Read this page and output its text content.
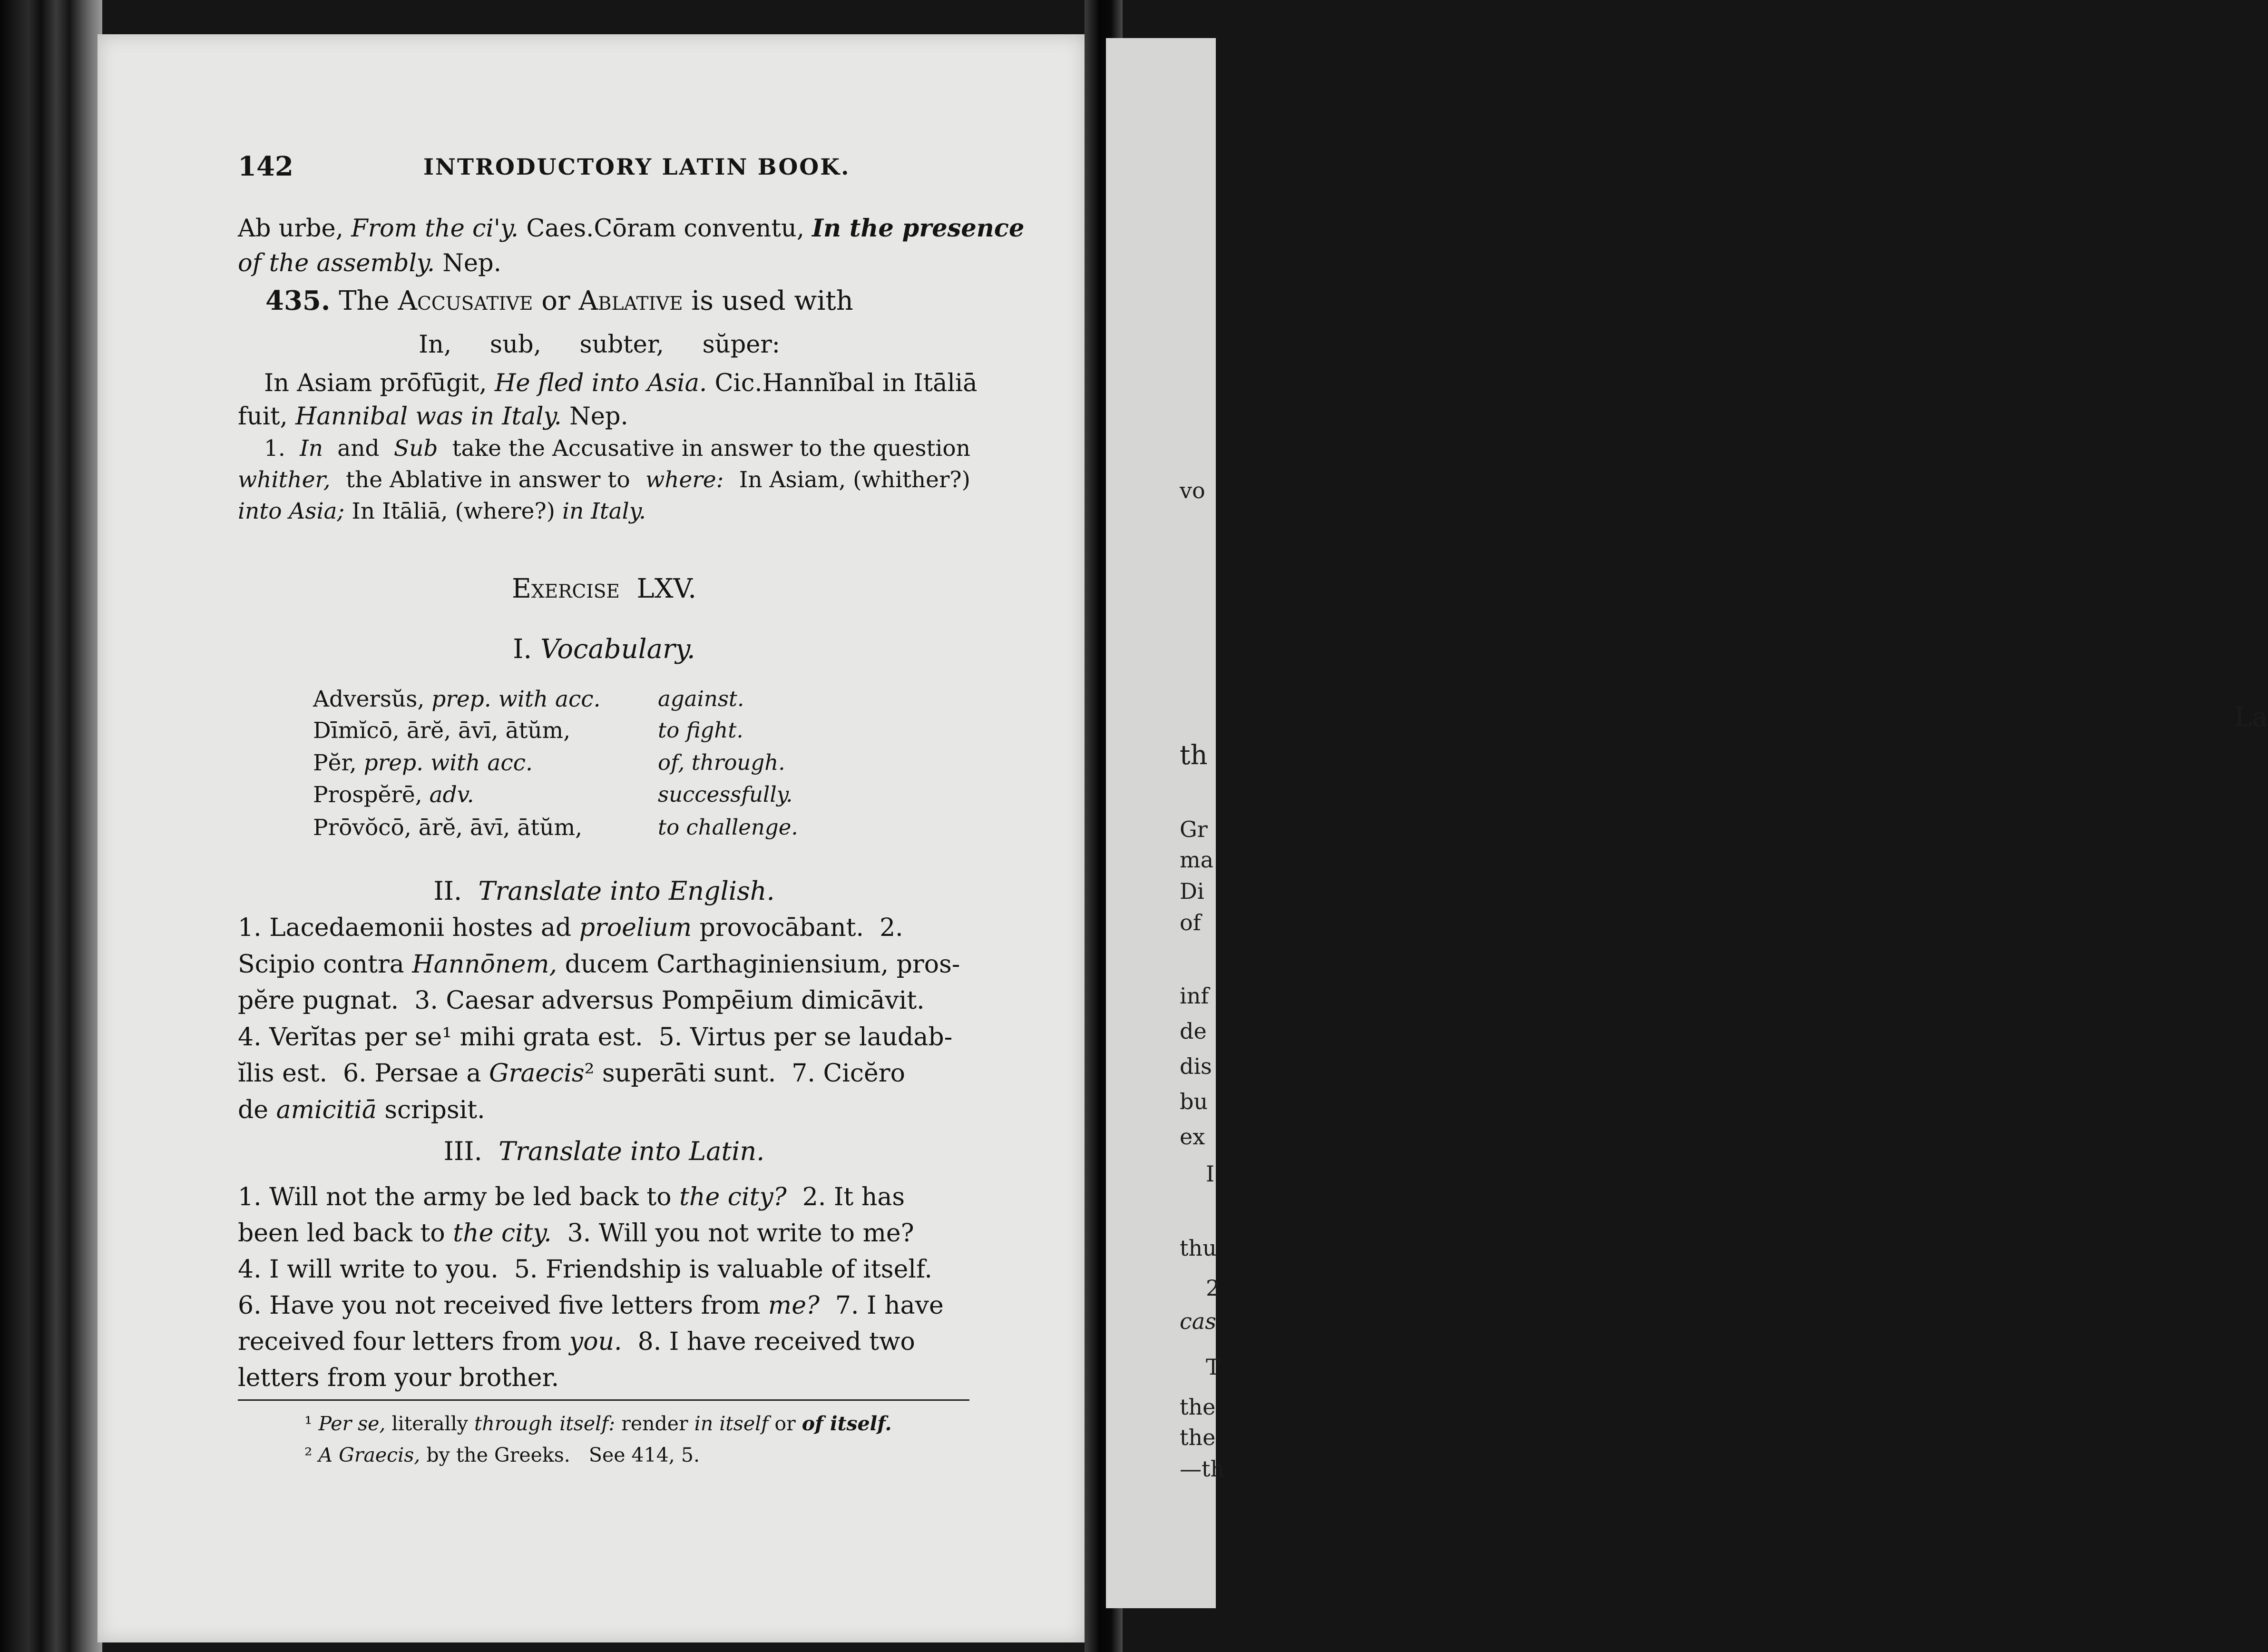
vo
La
th
Gr
ma
Di
of
inf
de
dis
bu
ex
I
thu
2
cas
T
the
the
—th
142	INTRODUCTORY LATIN BOOK.
Ab urbe, From the ci'y. Caes. Cōram conventu, In the presence
of the assembly. Nep.
435. The Accusative or Ablative is used with
In, sub, subter, sŭper:
In Asiam prōfūgit, He fled into Asia. Cic. Hannĭbal in Itāliā
fuit, Hannibal was in Italy. Nep.
1. In and Sub take the Accusative in answer to the question
whither, the Ablative in answer to where: In Asiam, (whither?)
into Asia; In Itāliā, (where?) in Italy.
Exercise LXV.
I. Vocabulary.
Adversŭs, prep. with acc.	against.
Dīmĭcō, ārĕ, āvī, ātŭm,	to fight.
Pĕr, prep. with acc.	of, through.
Prospĕrē, adv.	successfully.
Prōvŏcō, ārĕ, āvī, ātŭm,	to challenge.
II. Translate into English.
1. Lacedaemonii hostes ad proelium provocābant.  2.
Scipio contra Hannōnem, ducem Carthaginiensium, pros-
pĕre pugnat.  3. Caesar adversus Pompēium dimicāvit.
4. Verĭtas per se¹ mihi grata est.  5. Virtus per se laudab-
ĭlis est.  6. Persae a Graecis² superāti sunt.  7. Cicĕro
de amicitiā scripsit.
III. Translate into Latin.
1. Will not the army be led back to the city?  2. It has
been led back to the city.  3. Will you not write to me?
4. I will write to you.  5. Friendship is valuable of itself.
6. Have you not received five letters from me?  7. I have
received four letters from you.  8. I have received two
letters from your brother.
¹ Per se, literally through itself: render in itself or of itself.
² A Graecis, by the Greeks.   See 414, 5.
